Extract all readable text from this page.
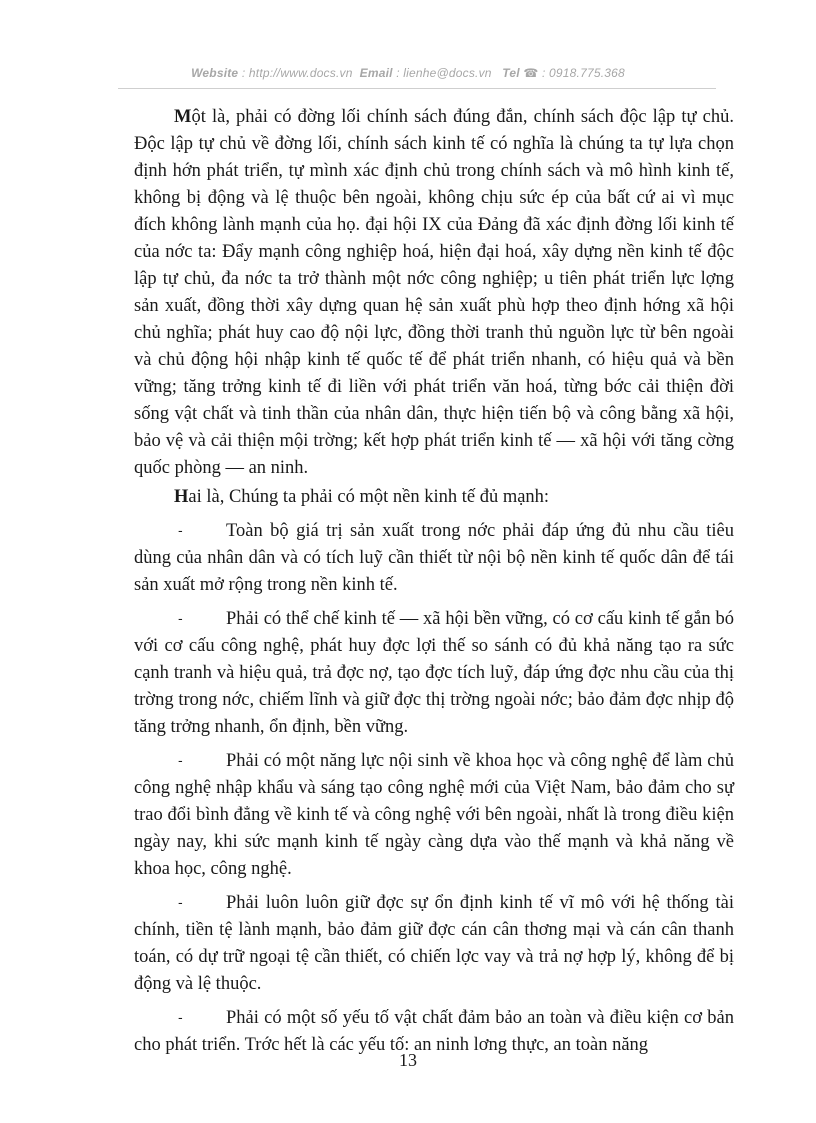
Website : http://www.docs.vn Email : lienhe@docs.vn Tel ☎ : 0918.775.368

Một là, phải có đờng lối chính sách đúng đắn, chính sách độc lập tự chủ. Độc lập tự chủ về đờng lối, chính sách kinh tế có nghĩa là chúng ta tự lựa chọn định hớn phát triển, tự mình xác định chủ trong chính sách và mô hình kinh tế, không bị động và lệ thuộc bên ngoài, không chịu sức ép của bất cứ ai vì mục đích không lành mạnh của họ. đại hội IX của Đảng đã xác định đờng lối kinh tế của nớc ta: Đẩy mạnh công nghiệp hoá, hiện đại hoá, xây dựng nền kinh tế độc lập tự chủ, đa nớc ta trở thành một nớc công nghiệp; u tiên phát triển lực lợng sản xuất, đồng thời xây dựng quan hệ sản xuất phù hợp theo định hớng xã hội chủ nghĩa; phát huy cao độ nội lực, đồng thời tranh thủ nguồn lực từ bên ngoài và chủ động hội nhập kinh tế quốc tế để phát triển nhanh, có hiệu quả và bền vững; tăng trởng kinh tế đi liền với phát triển văn hoá, từng bớc cải thiện đời sống vật chất và tinh thần của nhân dân, thực hiện tiến bộ và công bằng xã hội, bảo vệ và cải thiện mội trờng; kết hợp phát triển kinh tế — xã hội với tăng cờng quốc phòng — an ninh.

Hai là, Chúng ta phải có một nền kinh tế đủ mạnh:

- Toàn bộ giá trị sản xuất trong nớc phải đáp ứng đủ nhu cầu tiêu dùng của nhân dân và có tích luỹ cần thiết từ nội bộ nền kinh tế quốc dân để tái sản xuất mở rộng trong nền kinh tế.

- Phải có thể chế kinh tế — xã hội bền vững, có cơ cấu kinh tế gắn bó với cơ cấu công nghệ, phát huy đợc lợi thế so sánh có đủ khả năng tạo ra sức cạnh tranh và hiệu quả, trả đợc nợ, tạo đợc tích luỹ, đáp ứng đợc nhu cầu của thị trờng trong nớc, chiếm lĩnh và giữ đợc thị trờng ngoài nớc; bảo đảm đợc nhịp độ tăng trởng nhanh, ổn định, bền vững.

- Phải có một năng lực nội sinh về khoa học và công nghệ để làm chủ công nghệ nhập khẩu và sáng tạo công nghệ mới của Việt Nam, bảo đảm cho sự trao đổi bình đẳng về kinh tế và công nghệ với bên ngoài, nhất là trong điều kiện ngày nay, khi sức mạnh kinh tế ngày càng dựa vào thế mạnh và khả năng về khoa học, công nghệ.

- Phải luôn luôn giữ đợc sự ổn định kinh tế vĩ mô với hệ thống tài chính, tiền tệ lành mạnh, bảo đảm giữ đợc cán cân thơng mại và cán cân thanh toán, có dự trữ ngoại tệ cần thiết, có chiến lợc vay và trả nợ hợp lý, không để bị động và lệ thuộc.

- Phải có một số yếu tố vật chất đảm bảo an toàn và điều kiện cơ bản cho phát triển. Trớc hết là các yếu tố: an ninh lơng thực, an toàn năng

13
